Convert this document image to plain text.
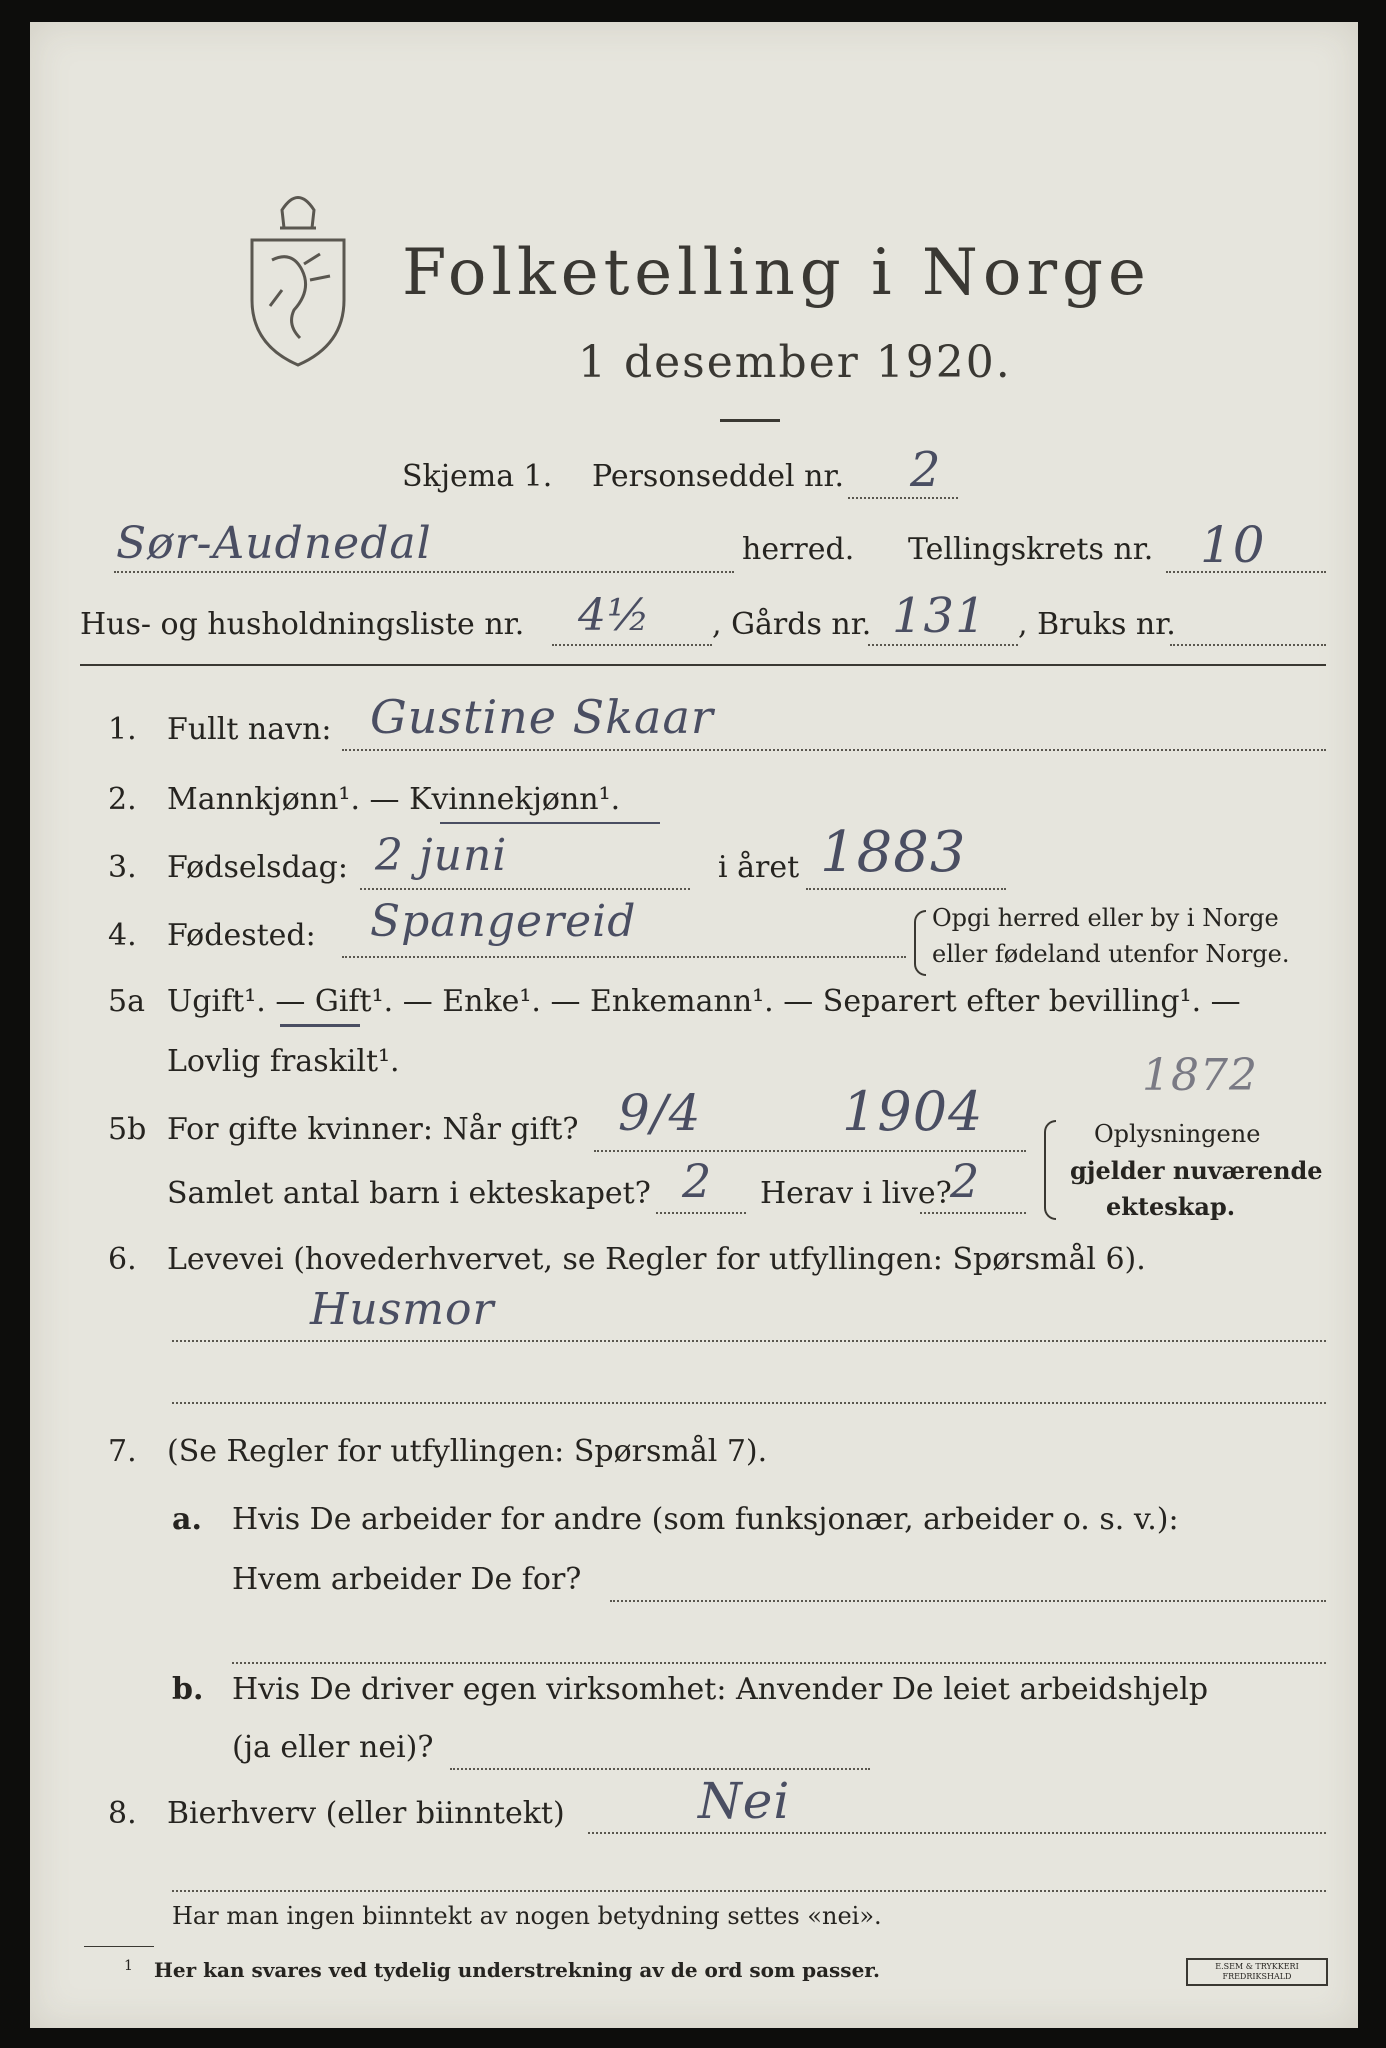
Folketelling i Norge
1 desember 1920.
Skjema 1. Personseddel nr. 2
Sør-Audnedal	herred. Tellingskrets nr. 10
Hus- og husholdningsliste nr. 4½ , Gårds nr. 131 , Bruks nr.
1. Fullt navn: Gustine Skaar
2. Mannkjønn¹. — Kvinnekjønn¹.
3. Fødselsdag: 2 juni	i året 1883
4. Fødested: Spangereid	Opgi herred eller by i Norge
eller fødeland utenfor Norge.
5a Ugift¹. — Gift¹. — Enke¹. — Enkemann¹. — Separert efter bevilling¹. —
Lovlig fraskilt¹.
5b For gifte kvinner: Når gift? 9/4	1904
1872
Samlet antal barn i ekteskapet? 2 Herav i live?
2
Oplysningene
gjelder nuværende
ekteskap.
6. Levevei (hovederhvervet, se Regler for utfyllingen: Spørsmål 6).
Husmor
7. (Se Regler for utfyllingen: Spørsmål 7).
a. Hvis De arbeider for andre (som funksjonær, arbeider o. s. v.):
Hvem arbeider De for?
b. Hvis De driver egen virksomhet: Anvender De leiet arbeidshjelp
(ja eller nei)?
8. Bierhverv (eller biinntekt)	Nei
Har man ingen biinntekt av nogen betydning settes «nei».
1 Her kan svares ved tydelig understrekning av de ord som passer.	E.SEM & TRYKKERI FREDRIKSHALD
